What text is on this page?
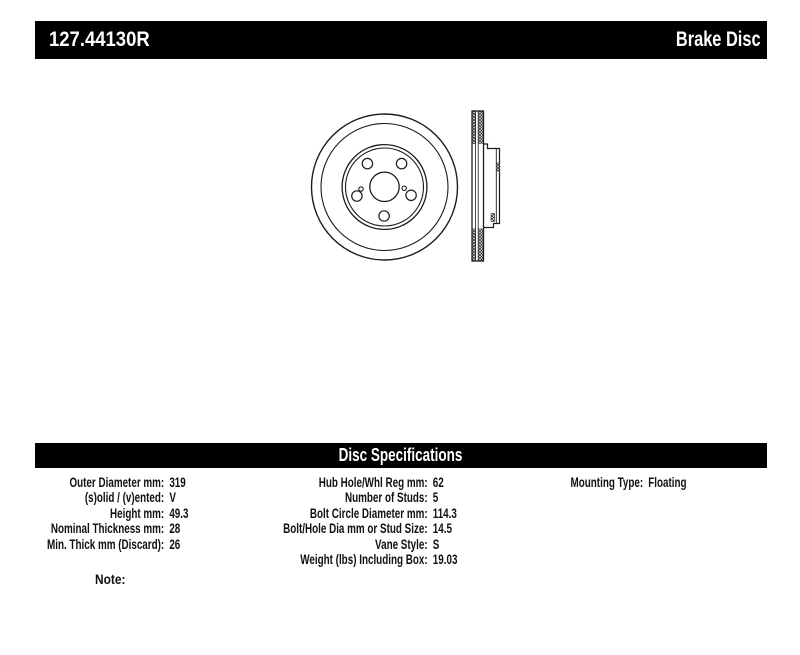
127.44130R	Brake Disc
Disc Specifications
Outer Diameter mm: 319
(s)olid / (v)ented: V
Height mm: 49.3
Nominal Thickness mm: 28
Min. Thick mm (Discard): 26
Hub Hole/Whl Reg mm: 62
Number of Studs: 5
Bolt Circle Diameter mm: 114.3
Bolt/Hole Dia mm or Stud Size: 14.5
Vane Style: S
Weight (lbs) Including Box: 19.03
Mounting Type: Floating
Note:
